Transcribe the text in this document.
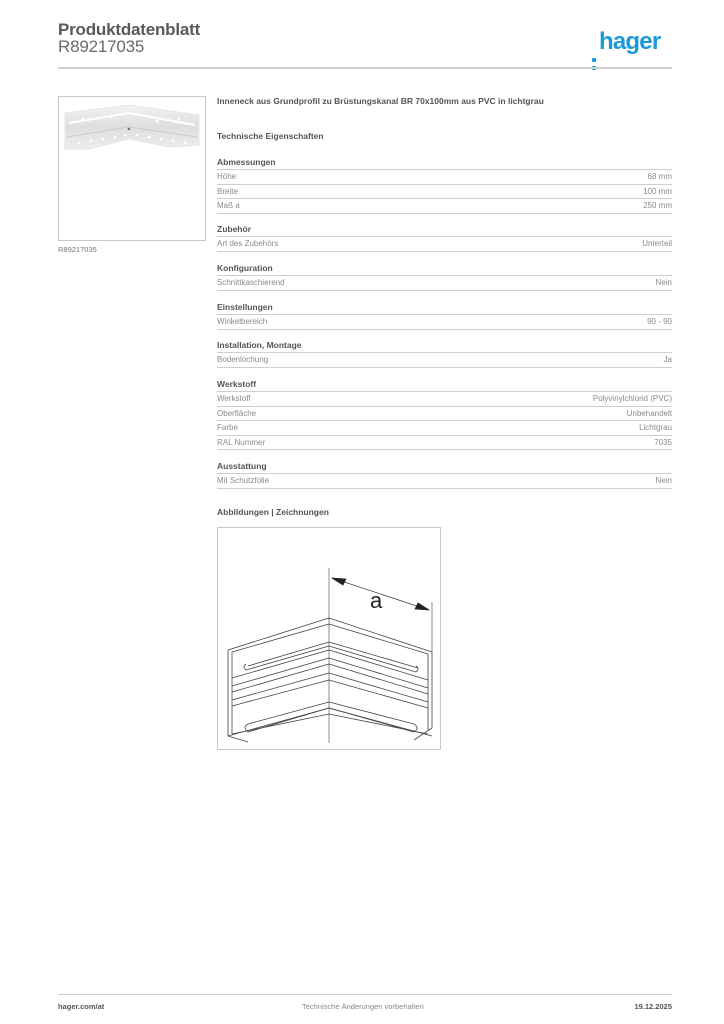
Produktdatenblatt
R89217035	hager
R89217035
Inneneck aus Grundprofil zu Brüstungskanal BR 70x100mm aus PVC in lichtgrau
Technische Eigenschaften
Abmessungen
Höhe	68 mm
Breite	100 mm
Maß a	250 mm
Zubehör
Art des Zubehörs	Unterteil
Konfiguration
Schnittkaschierend	Nein
Einstellungen
Winkelbereich	90 - 90
Installation, Montage
Bodenlochung	Ja
Werkstoff
Werkstoff	Polyvinylchlorid (PVC)
Oberfläche	Unbehandelt
Farbe	Lichtgrau
RAL Nummer	7035
Ausstattung
Mit Schutzfolie	Nein
Abbildungen | Zeichnungen
a
hager.com/at	Technische Änderungen vorbehalten	19.12.2025
